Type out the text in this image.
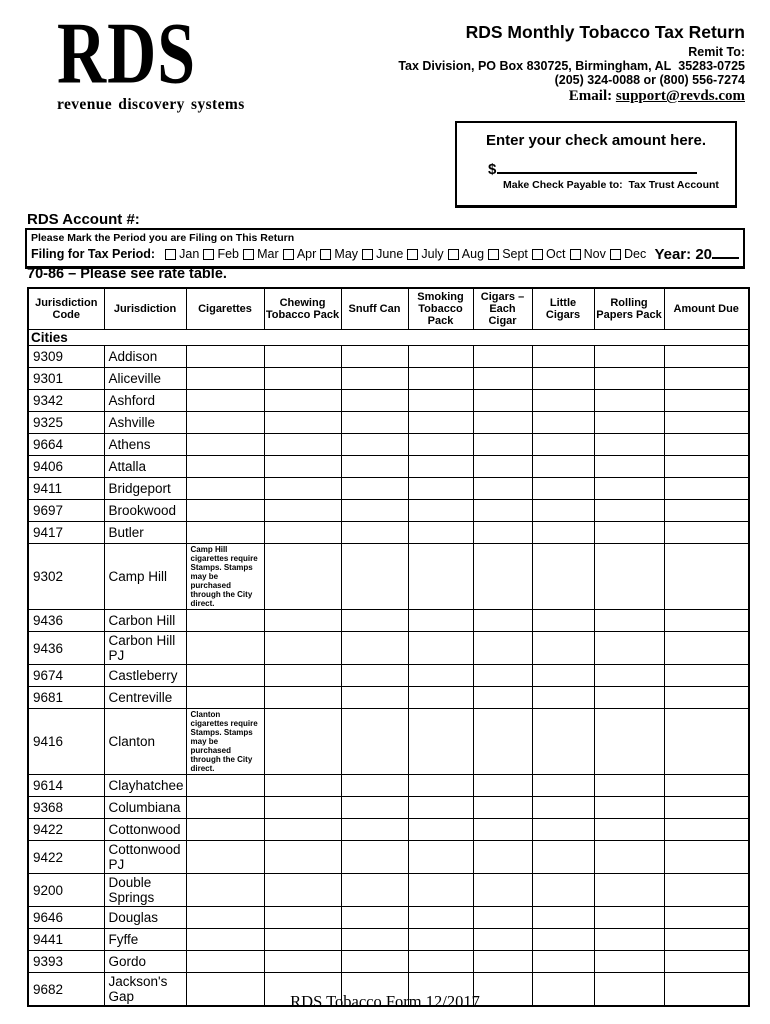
RDS
revenue discovery systems
RDS Monthly Tobacco Tax Return
Remit To:
Tax Division, PO Box 830725, Birmingham, AL  35283-0725
(205) 324-0088 or (800) 556-7274
Email: support@revds.com
Enter your check amount here.
$
Make Check Payable to:  Tax Trust Account
RDS Account #:
Please Mark the Period you are Filing on This Return
Filing for Tax Period: Jan Feb Mar Apr May June July Aug Sept Oct Nov Dec Year: 20
70-86 – Please see rate table.
Jurisdiction Code	Jurisdiction	Cigarettes	Chewing Tobacco Pack	Snuff Can	Smoking Tobacco Pack	Cigars – Each Cigar	Little Cigars	Rolling Papers Pack	Amount Due
Cities									
9309	Addison								
9301	Aliceville								
9342	Ashford								
9325	Ashville								
9664	Athens								
9406	Attalla								
9411	Bridgeport								
9697	Brookwood								
9417	Butler								
9302	Camp Hill	Camp Hill cigarettes require Stamps. Stamps may be purchased through the City direct.							

9436	Carbon Hill								
9436	Carbon Hill PJ								
9674	Castleberry								
9681	Centreville								
9416	Clanton	Clanton cigarettes require Stamps. Stamps may be purchased through the City direct.							

9614	Clayhatchee								
9368	Columbiana								
9422	Cottonwood								
9422	Cottonwood PJ								
9200	Double Springs								
9646	Douglas								
9441	Fyffe								
9393	Gordo								
9682	Jackson's Gap									RDS Tobacco Form 12/2017
